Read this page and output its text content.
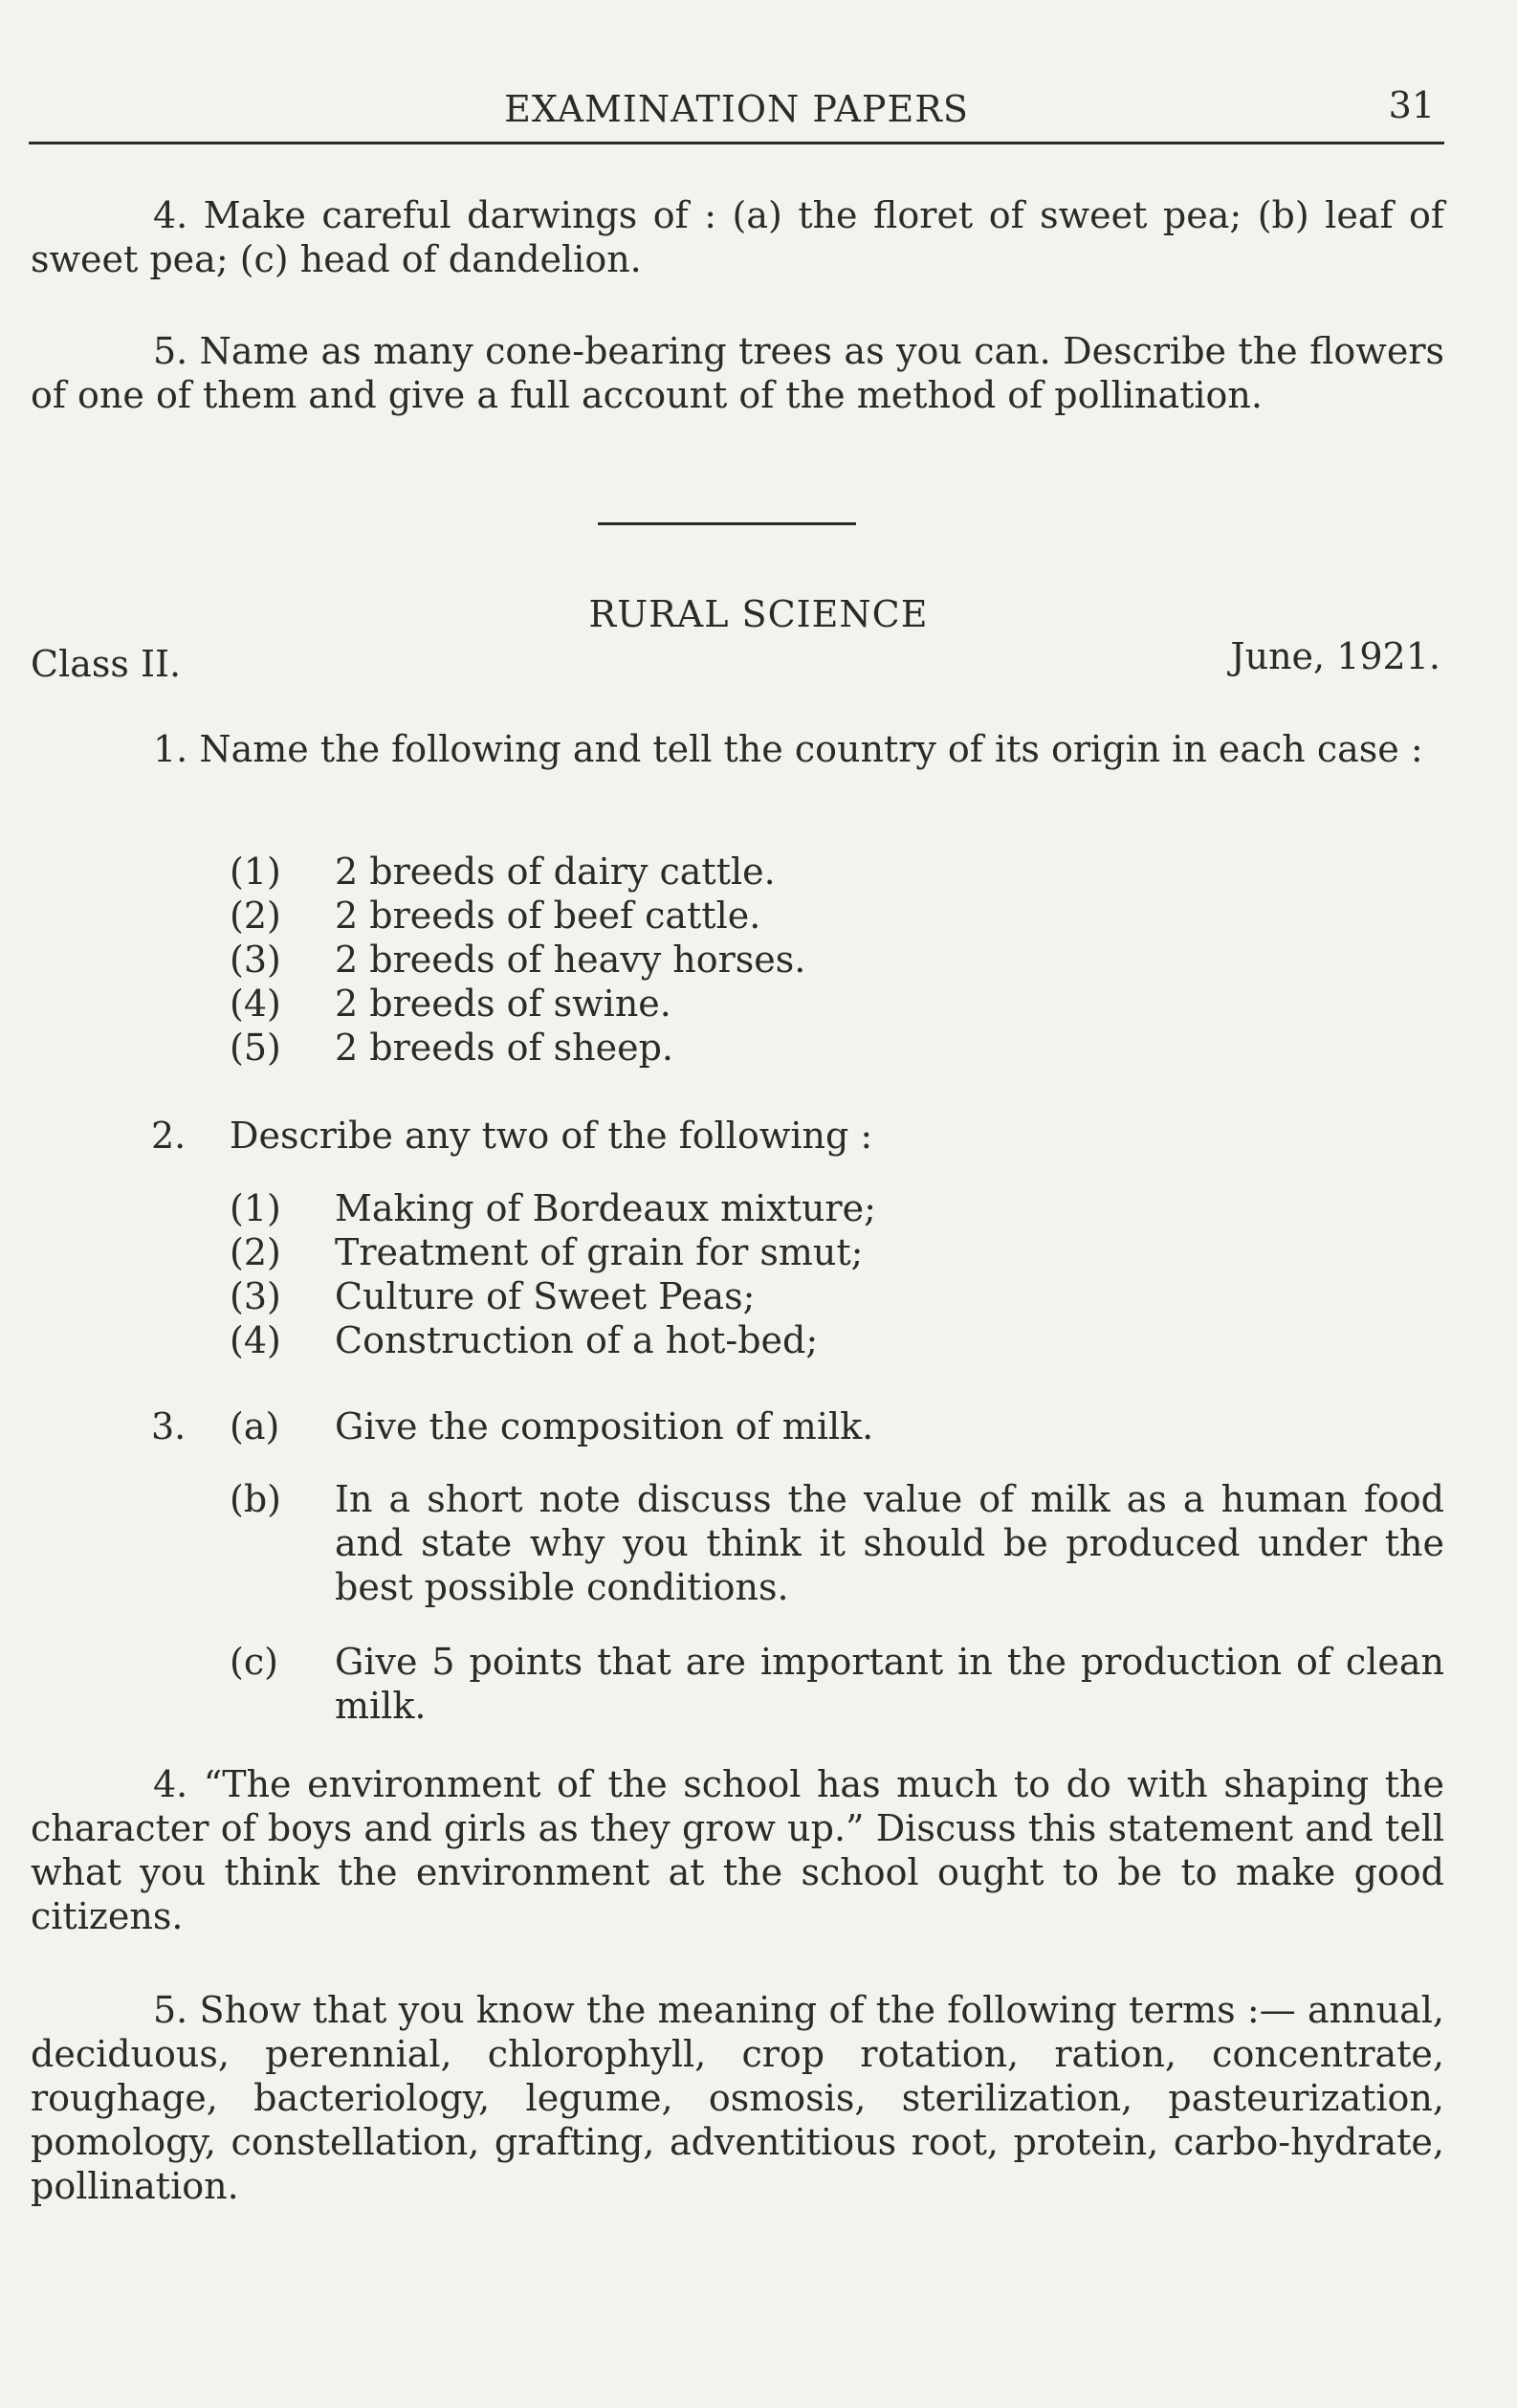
EXAMINATION PAPERS	31

4. Make careful darwings of : (a) the floret of sweet pea; (b) leaf of sweet pea; (c) head of dandelion.

5. Name as many cone-bearing trees as you can. Describe the flowers of one of them and give a full account of the method of pollination.

RURAL SCIENCE
Class II.	June, 1921.

1. Name the following and tell the country of its origin in each case :

(1) 2 breeds of dairy cattle.
(2) 2 breeds of beef cattle.
(3) 2 breeds of heavy horses.
(4) 2 breeds of swine.
(5) 2 breeds of sheep.
2. Describe any two of the following :
(1) Making of Bordeaux mixture;
(2) Treatment of grain for smut;
(3) Culture of Sweet Peas;
(4) Construction of a hot-bed;
3. (a) Give the composition of milk.
(b) In a short note discuss the value of milk as a human food and state why you think it should be produced under the best possible conditions.

(c) Give 5 points that are important in the production of clean milk.

4. “The environment of the school has much to do with shaping the character of boys and girls as they grow up.” Discuss this statement and tell what you think the environment at the school ought to be to make good citizens.

5. Show that you know the meaning of the following terms :— annual, deciduous, perennial, chlorophyll, crop rotation, ration, concentrate, roughage, bacteriology, legume, osmosis, sterilization, pasteurization, pomology, constellation, grafting, adventitious root, protein, carbo-hydrate, pollination.
